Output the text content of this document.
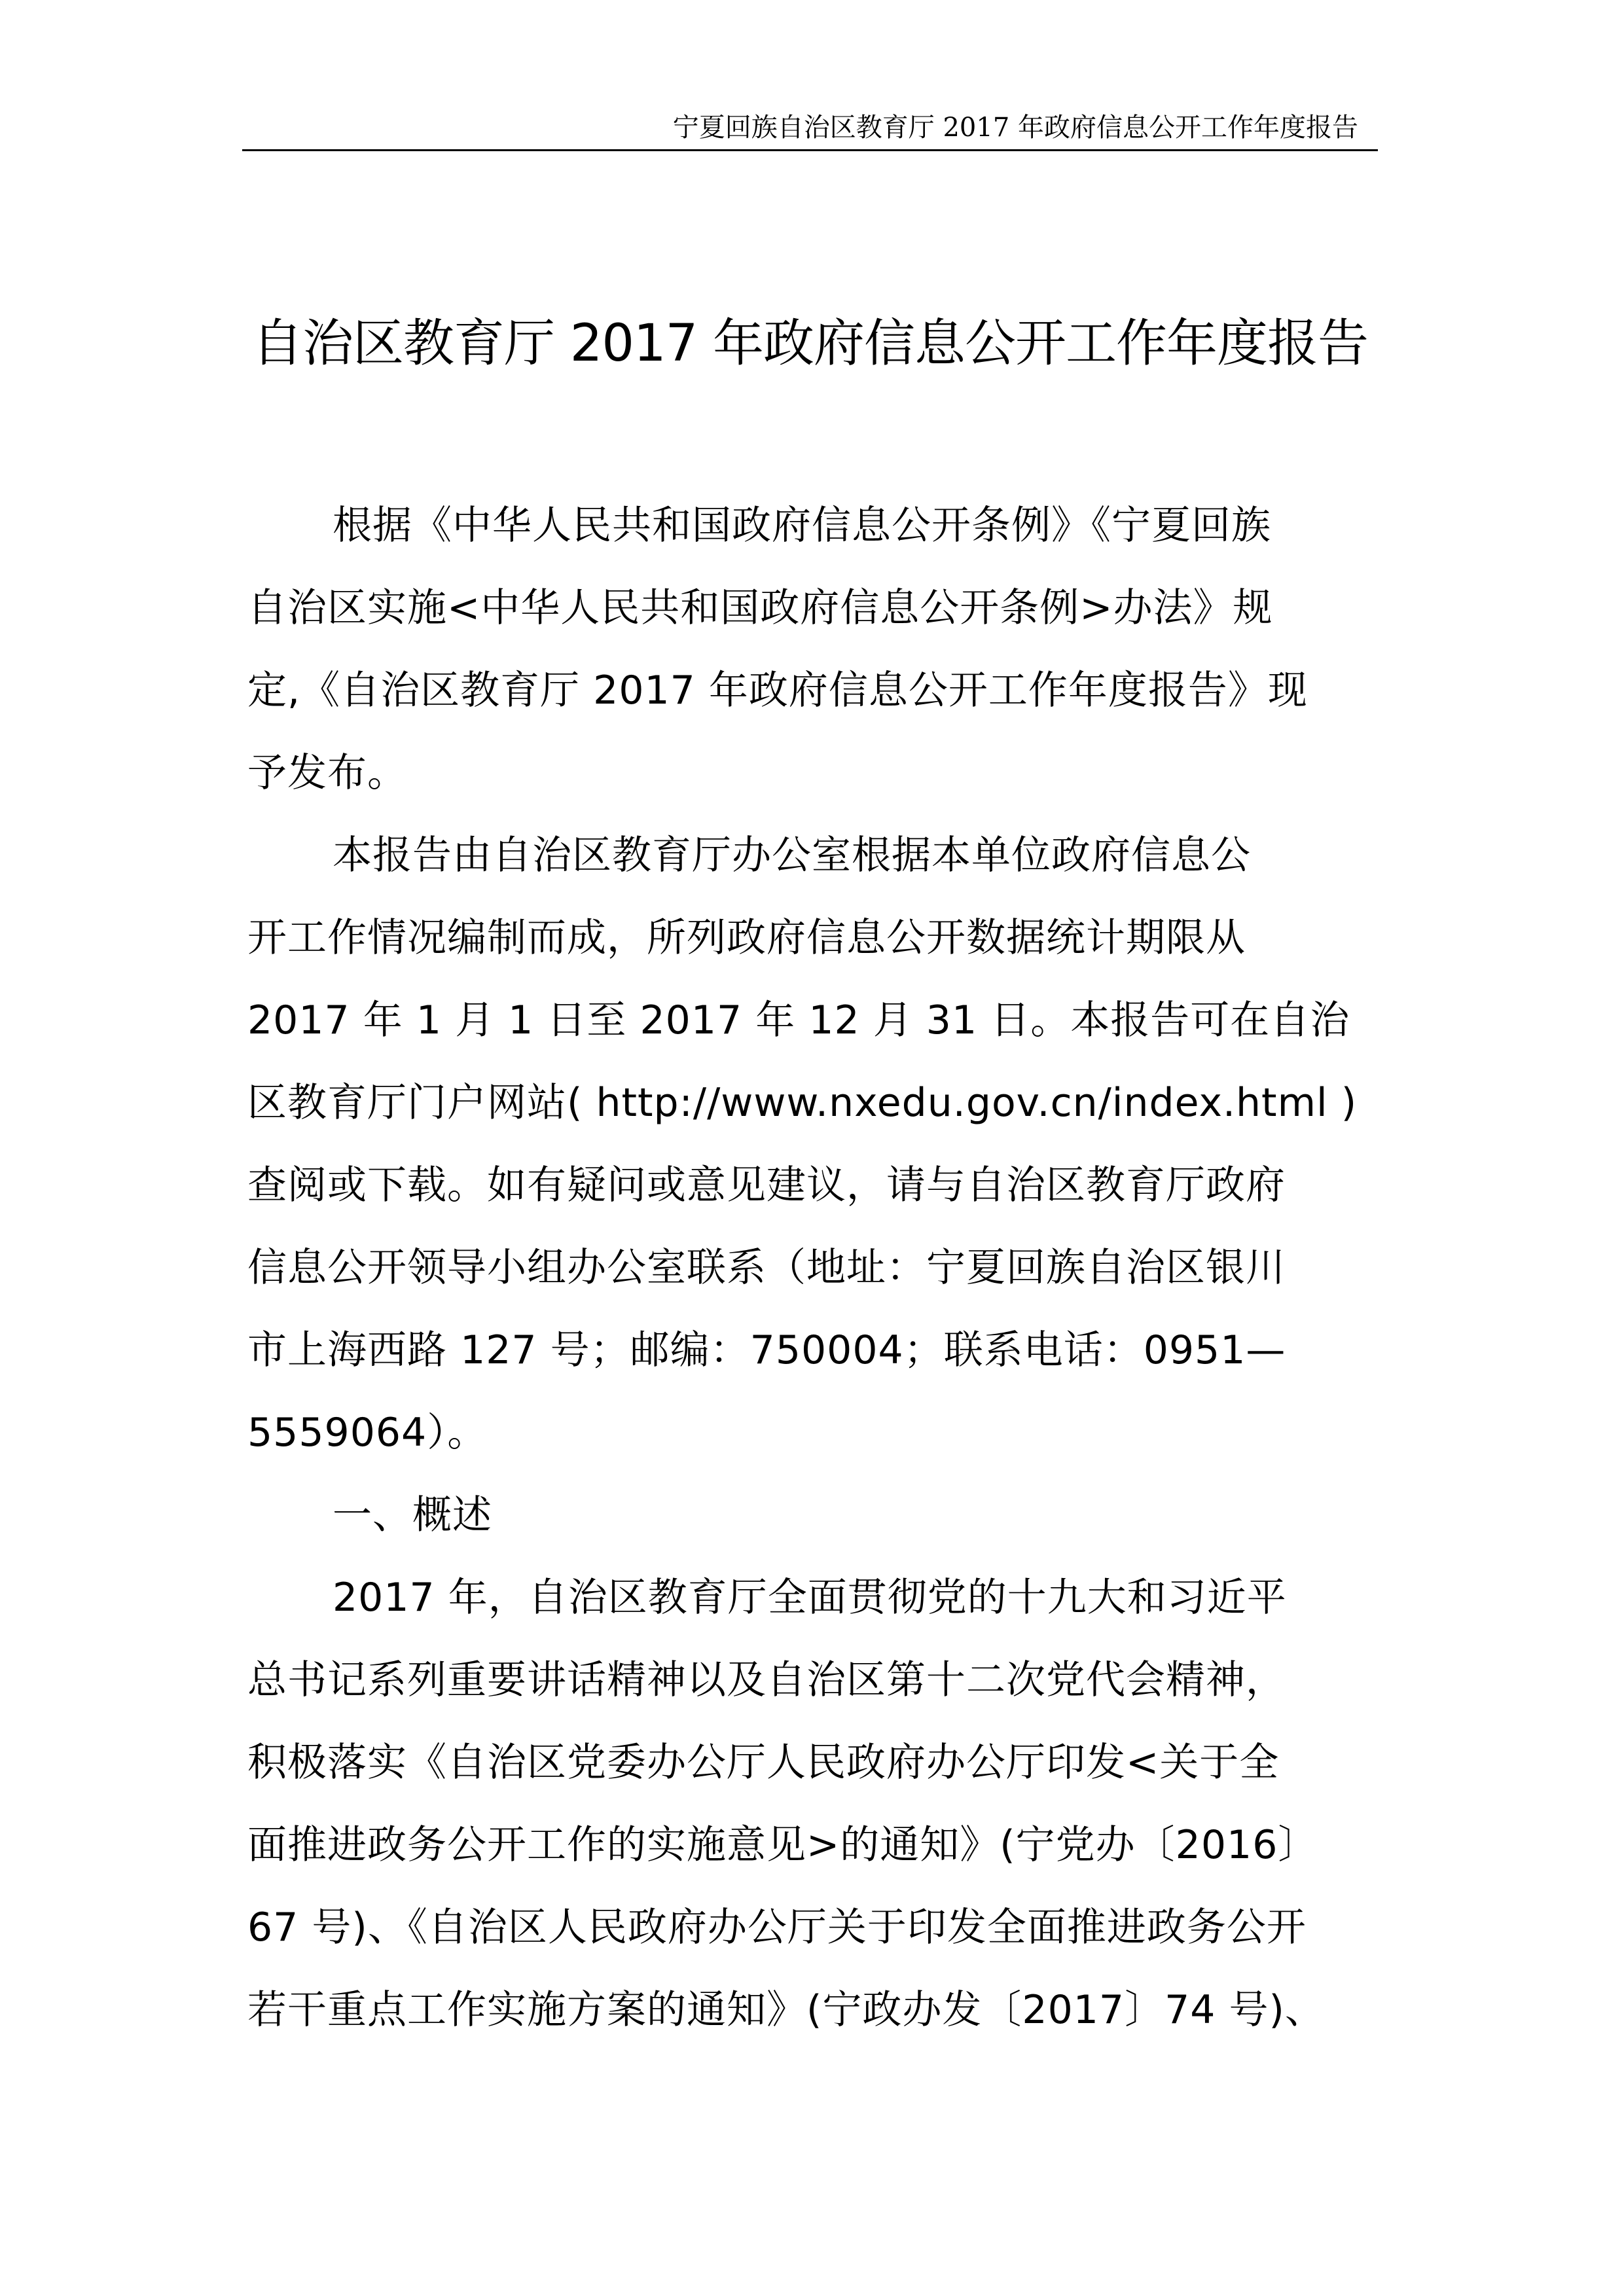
宁夏回族自治区教育厅 2017 年政府信息公开工作年度报告
自治区教育厅 2017 年政府信息公开工作年度报告
根据《中华人民共和国政府信息公开条例》《宁夏回族
自治区实施<中华人民共和国政府信息公开条例>办法》规
定,《自治区教育厅 2017 年政府信息公开工作年度报告》现
予发布。
本报告由自治区教育厅办公室根据本单位政府信息公
开工作情况编制而成，所列政府信息公开数据统计期限从
2017 年 1 月 1 日至 2017 年 12 月 31 日。本报告可在自治
区教育厅门户网站( http://www.nxedu.gov.cn/index.html )
查阅或下载。如有疑问或意见建议，请与自治区教育厅政府
信息公开领导小组办公室联系（地址：宁夏回族自治区银川
市上海西路 127 号；邮编：750004；联系电话：0951—
5559064）。
一、概述
2017 年，自治区教育厅全面贯彻党的十九大和习近平
总书记系列重要讲话精神以及自治区第十二次党代会精神，
积极落实《自治区党委办公厅人民政府办公厅印发<关于全
面推进政务公开工作的实施意见>的通知》(宁党办〔2016〕
67 号)、《自治区人民政府办公厅关于印发全面推进政务公开
若干重点工作实施方案的通知》(宁政办发〔2017〕74 号)、
